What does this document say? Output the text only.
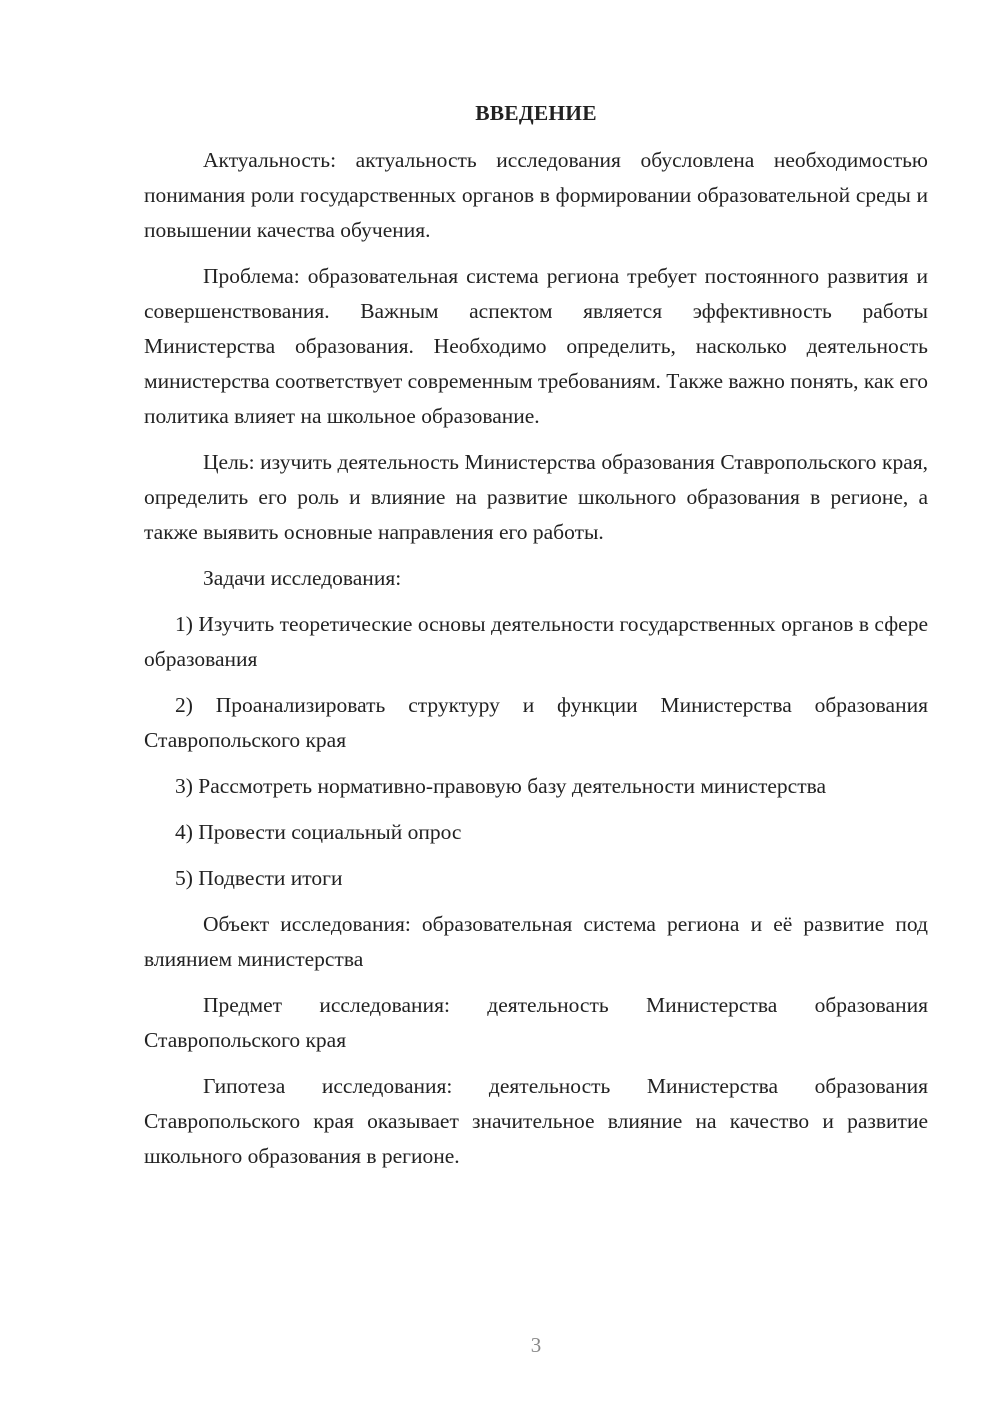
ВВЕДЕНИЕ

Актуальность: актуальность исследования обусловлена необходимостью понимания роли государственных органов в формировании образовательной среды и повышении качества обучения.

Проблема: образовательная система региона требует постоянного развития и совершенствования. Важным аспектом является эффективность работы Министерства образования. Необходимо определить, насколько деятельность министерства соответствует современным требованиям. Также важно понять, как его политика влияет на школьное образование.

Цель: изучить деятельность Министерства образования Ставропольского края, определить его роль и влияние на развитие школьного образования в регионе, а также выявить основные направления его работы.

Задачи исследования:

1) Изучить теоретические основы деятельности государственных органов в сфере образования

2) Проанализировать структуру и функции Министерства образования Ставропольского края

3) Рассмотреть нормативно-правовую базу деятельности министерства

4) Провести социальный опрос

5) Подвести итоги

Объект исследования: образовательная система региона и её развитие под влиянием министерства

Предмет исследования: деятельность Министерства образования Ставропольского края

Гипотеза исследования: деятельность Министерства образования Ставропольского края оказывает значительное влияние на качество и развитие школьного образования в регионе.

3
